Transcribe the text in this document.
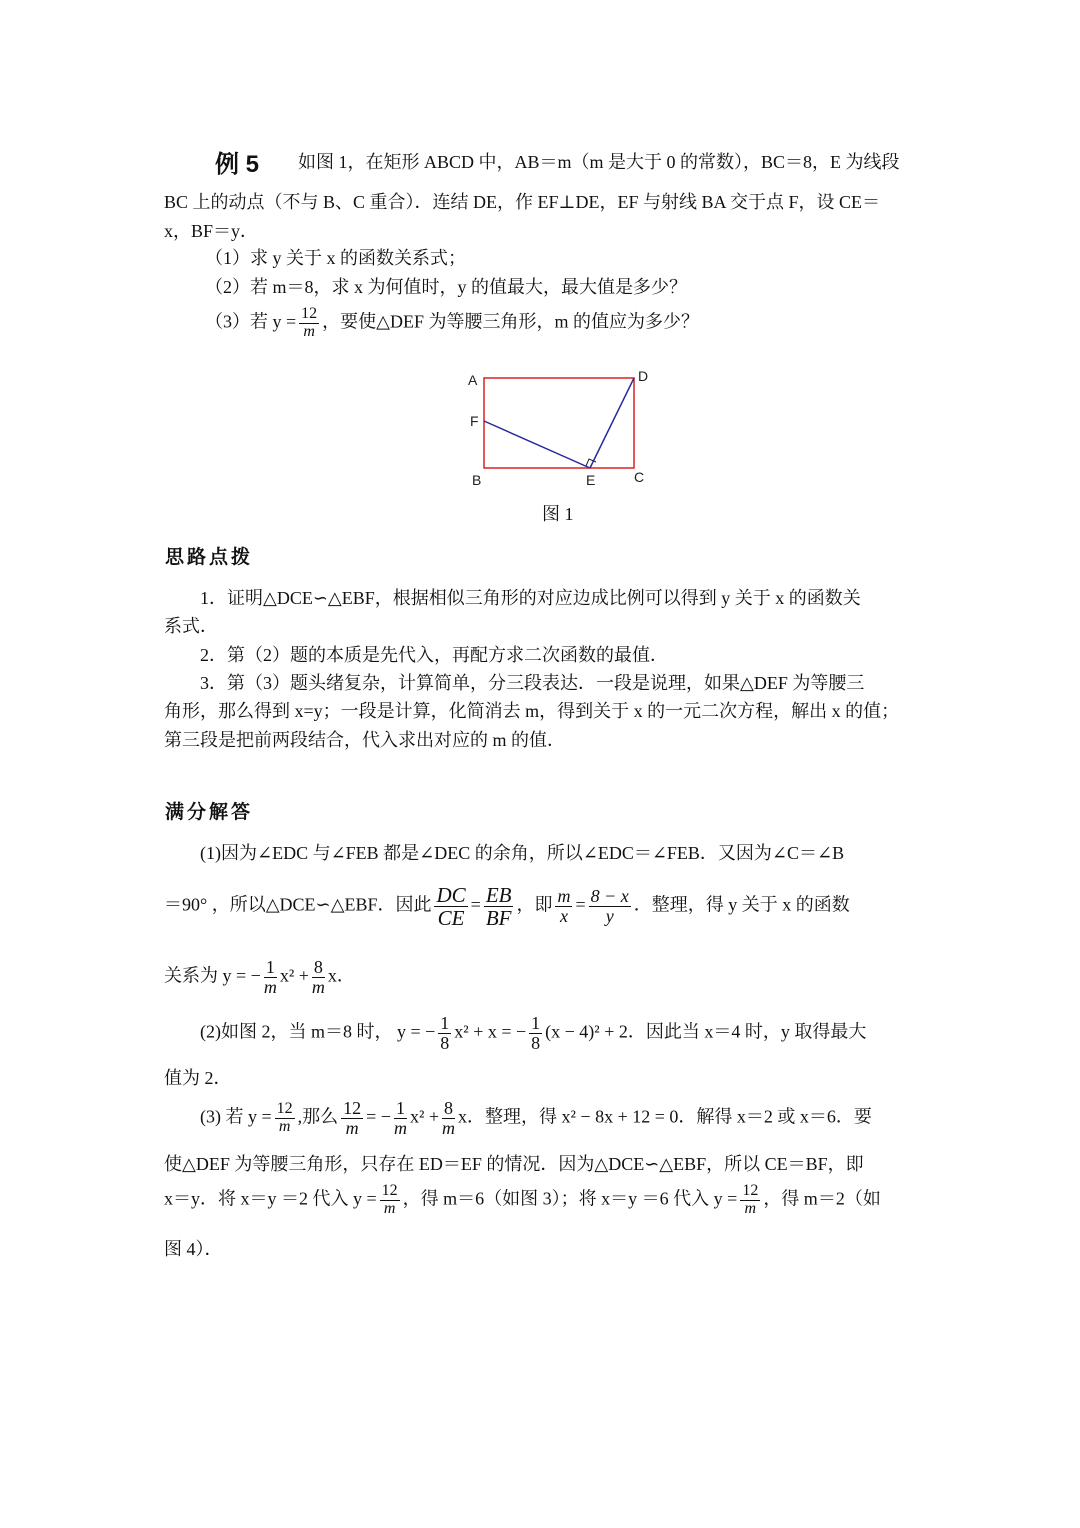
例 5 如图 1，在矩形 ABCD 中，AB＝m（m 是大于 0 的常数），BC＝8，E 为线段
BC 上的动点（不与 B、C 重合）．连结 DE，作 EF⊥DE，EF 与射线 BA 交于点 F，设 CE＝
x，BF＝y．
（1）求 y 关于 x 的函数关系式；
（2）若 m＝8，求 x 为何值时，y 的值最大，最大值是多少？
（3）若 $y = \frac{12}{m}$ ，要使△DEF 为等腰三角形，m 的值应为多少？
A	D
F
B	E	C
图 1
思路点拨
1．证明△DCE∽△EBF，根据相似三角形的对应边成比例可以得到 y 关于 x 的函数关
系式．
2．第（2）题的本质是先代入，再配方求二次函数的最值．
3．第（3）题头绪复杂，计算简单，分三段表达．一段是说理，如果△DEF 为等腰三
角形，那么得到 x=y；一段是计算，化简消去 m，得到关于 x 的一元二次方程，解出 x 的值；
第三段是把前两段结合，代入求出对应的 m 的值．
满分解答
(1)因为∠EDC 与∠FEB 都是∠DEC 的余角，所以∠EDC＝∠FEB．又因为∠C＝∠B
＝90° ，所以△DCE∽△EBF．因此 $\frac{DC}{CE} = \frac{EB}{BF}$ ，即 $\frac{m}{x} = \frac{8 - x}{y}$ ．整理，得 y 关于 x 的函数
关系为 y = − $\frac{1}{m} x^2 + \frac{8}{m}$ x．
(2)如图 2，当 m＝8 时， y = − $\frac{1}{8} x^2 + x$ = − $\frac{1}{8} (x - 4)^2 + 2$．因此当 x＝4 时，y 取得最大
值为 2．
(3) 若 $y = \frac{12}{m}$ ,那么 $\frac{12}{m}$ = − $\frac{1}{m} x^2 + \frac{8}{m}$ x．整理，得 x² − 8x + 12 = 0．解得 x＝2 或 x＝6．要
使△DEF 为等腰三角形，只存在 ED＝EF 的情况．因为△DCE∽△EBF，所以 CE＝BF，即
x＝y．将 x＝y ＝2 代入 $y = \frac{12}{m}$ ，得 m＝6（如图 3）；将 x＝y ＝6 代入 $y = \frac{12}{m}$ ，得 m＝2（如
图 4）．
